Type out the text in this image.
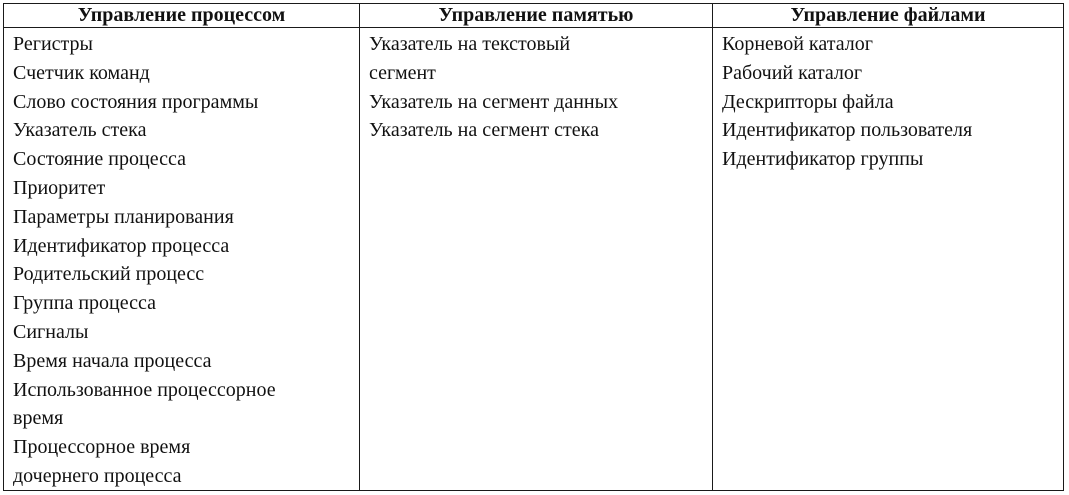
Управление процессом	Управление памятью	Управление файлами
Регистры
Счетчик команд
Слово состояния программы
Указатель стека
Состояние процесса
Приоритет
Параметры планирования
Идентификатор процесса
Родительский процесс
Группа процесса
Сигналы
Время начала процесса
Использованное процессорное
время
Процессорное время
дочернего процесса
Указатель на текстовый
сегмент
Указатель на сегмент данных
Указатель на сегмент стека
Корневой каталог
Рабочий каталог
Дескрипторы файла
Идентификатор пользователя
Идентификатор группы
